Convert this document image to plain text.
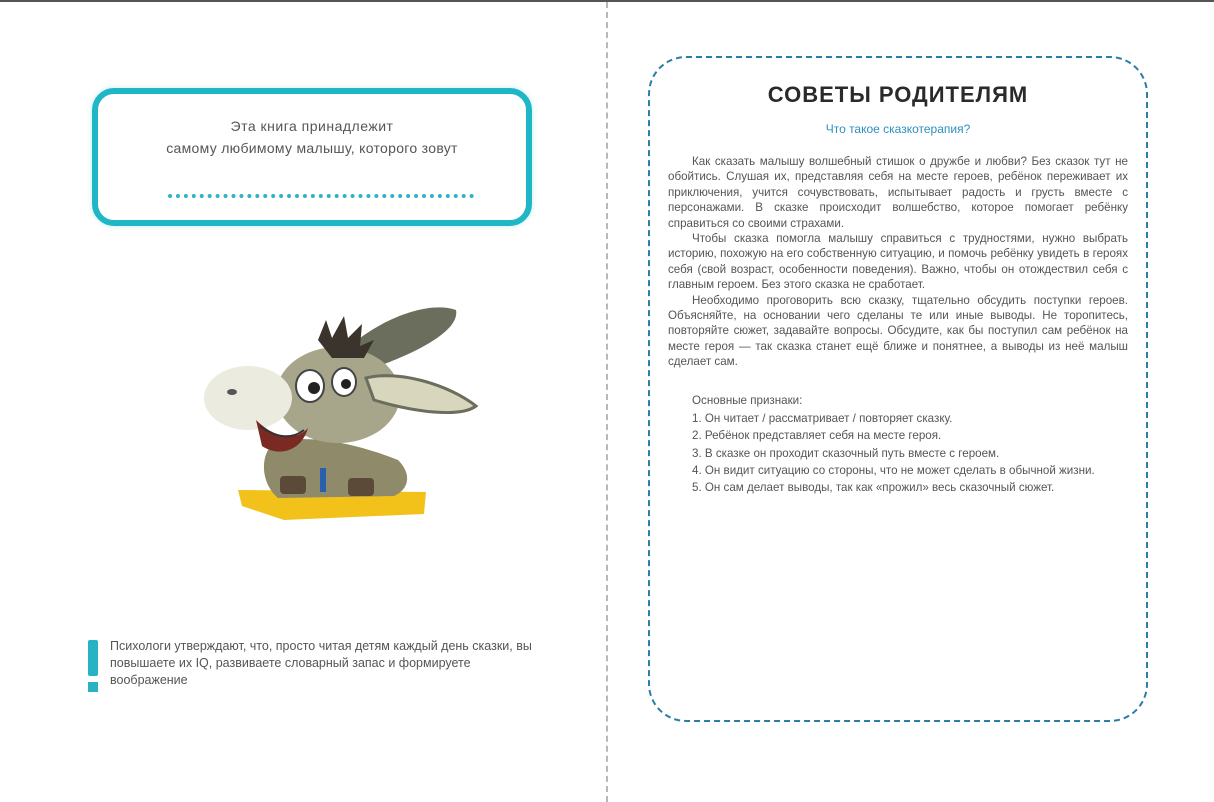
Эта книга принадлежит
самому любимому малышу, которого зовут
Психологи утверждают, что, просто читая детям каждый день сказки, вы повышаете их IQ, развиваете словарный запас и формируете воображение
СОВЕТЫ РОДИТЕЛЯМ
Что такое сказкотерапия?

Как сказать малышу волшебный стишок о дружбе и любви? Без сказок тут не обойтись. Слушая их, представляя себя на месте героев, ребёнок переживает их приключения, учится сочувствовать, испытывает радость и грусть вместе с персонажами. В сказке происходит волшебство, которое помогает ребёнку справиться со своими страхами.

Чтобы сказка помогла малышу справиться с трудностями, нужно выбрать историю, похожую на его собственную ситуацию, и помочь ребёнку увидеть в героях себя (свой возраст, особенности поведения). Важно, чтобы он отождествил себя с главным героем. Без этого сказка не сработает.

Необходимо проговорить всю сказку, тщательно обсудить поступки героев. Объясняйте, на основании чего сделаны те или иные выводы. Не торопитесь, повторяйте сюжет, задавайте вопросы. Обсудите, как бы поступил сам ребёнок на месте героя — так сказка станет ещё ближе и понятнее, а выводы из неё малыш сделает сам.

Основные признаки:

1. Он читает / рассматривает / повторяет сказку.

2. Ребёнок представляет себя на месте героя.

3. В сказке он проходит сказочный путь вместе с героем.

4. Он видит ситуацию со стороны, что не может сделать в обычной жизни.

5. Он сам делает выводы, так как «прожил» весь сказочный сюжет.
